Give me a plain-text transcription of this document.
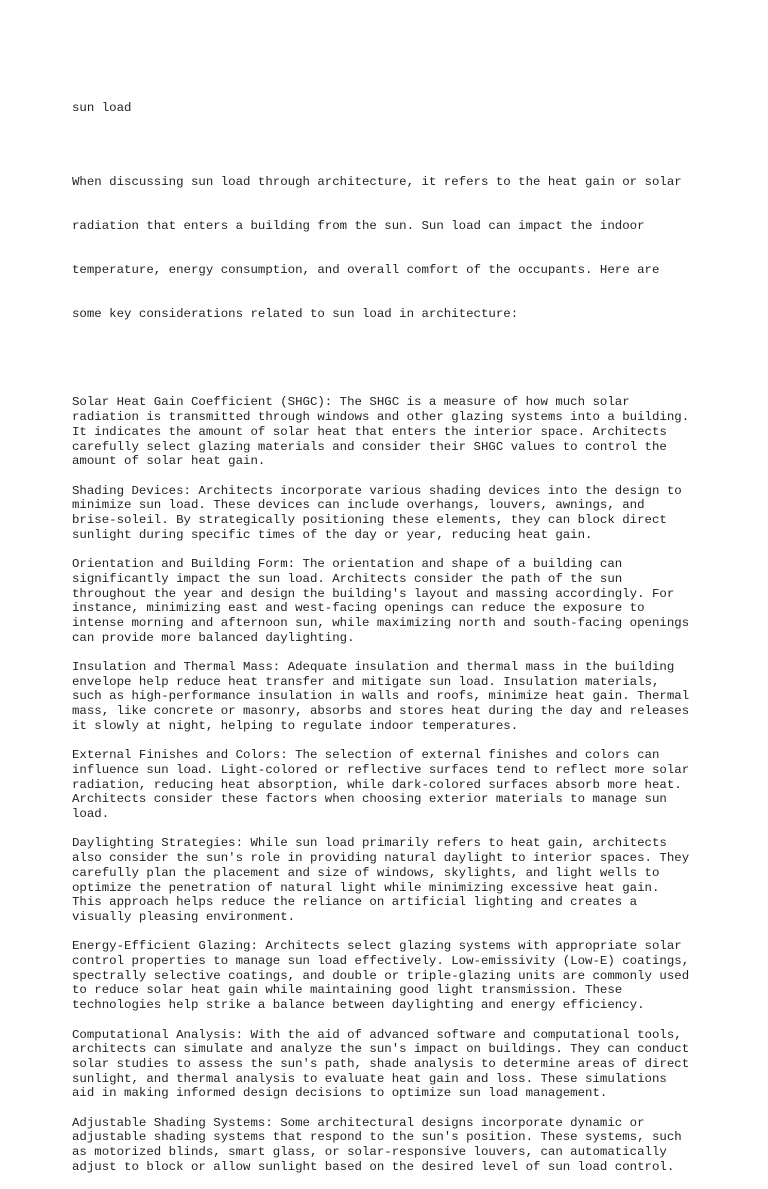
sun load

When discussing sun load through architecture, it refers to the heat gain or solar

radiation that enters a building from the sun. Sun load can impact the indoor

temperature, energy consumption, and overall comfort of the occupants. Here are

some key considerations related to sun load in architecture:

Solar Heat Gain Coefficient (SHGC): The SHGC is a measure of how much solar
radiation is transmitted through windows and other glazing systems into a building.
It indicates the amount of solar heat that enters the interior space. Architects
carefully select glazing materials and consider their SHGC values to control the
amount of solar heat gain.
Shading Devices: Architects incorporate various shading devices into the design to
minimize sun load. These devices can include overhangs, louvers, awnings, and
brise-soleil. By strategically positioning these elements, they can block direct
sunlight during specific times of the day or year, reducing heat gain.
Orientation and Building Form: The orientation and shape of a building can
significantly impact the sun load. Architects consider the path of the sun
throughout the year and design the building's layout and massing accordingly. For
instance, minimizing east and west-facing openings can reduce the exposure to
intense morning and afternoon sun, while maximizing north and south-facing openings
can provide more balanced daylighting.
Insulation and Thermal Mass: Adequate insulation and thermal mass in the building
envelope help reduce heat transfer and mitigate sun load. Insulation materials,
such as high-performance insulation in walls and roofs, minimize heat gain. Thermal
mass, like concrete or masonry, absorbs and stores heat during the day and releases
it slowly at night, helping to regulate indoor temperatures.
External Finishes and Colors: The selection of external finishes and colors can
influence sun load. Light-colored or reflective surfaces tend to reflect more solar
radiation, reducing heat absorption, while dark-colored surfaces absorb more heat.
Architects consider these factors when choosing exterior materials to manage sun
load.
Daylighting Strategies: While sun load primarily refers to heat gain, architects
also consider the sun's role in providing natural daylight to interior spaces. They
carefully plan the placement and size of windows, skylights, and light wells to
optimize the penetration of natural light while minimizing excessive heat gain.
This approach helps reduce the reliance on artificial lighting and creates a
visually pleasing environment.
Energy-Efficient Glazing: Architects select glazing systems with appropriate solar
control properties to manage sun load effectively. Low-emissivity (Low-E) coatings,
spectrally selective coatings, and double or triple-glazing units are commonly used
to reduce solar heat gain while maintaining good light transmission. These
technologies help strike a balance between daylighting and energy efficiency.
Computational Analysis: With the aid of advanced software and computational tools,
architects can simulate and analyze the sun's impact on buildings. They can conduct
solar studies to assess the sun's path, shade analysis to determine areas of direct
sunlight, and thermal analysis to evaluate heat gain and loss. These simulations
aid in making informed design decisions to optimize sun load management.
Adjustable Shading Systems: Some architectural designs incorporate dynamic or
adjustable shading systems that respond to the sun's position. These systems, such
as motorized blinds, smart glass, or solar-responsive louvers, can automatically
adjust to block or allow sunlight based on the desired level of sun load control.
